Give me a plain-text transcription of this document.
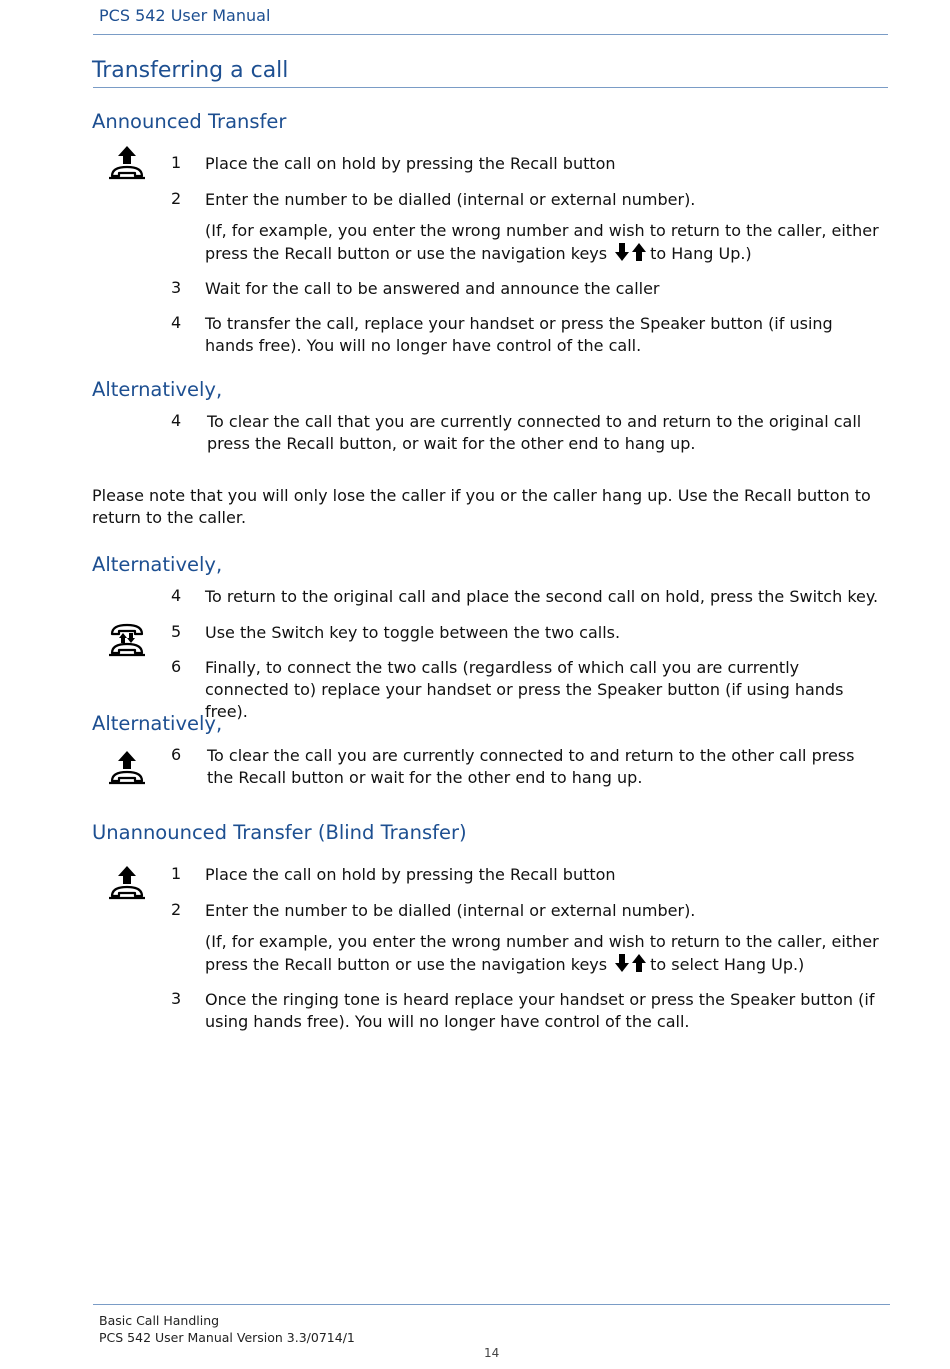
PCS 542 User Manual
Transferring a call
Announced Transfer
1 Place the call on hold by pressing the Recall button
2 Enter the number to be dialled (internal or external number).
(If, for example, you enter the wrong number and wish to return to the caller, either press the Recall button or use the navigation keys	to Hang Up.)
3 Wait for the call to be answered and announce the caller
4 To transfer the call, replace your handset or press the Speaker button (if using hands free). You will no longer have control of the call.
Alternatively,
4 To clear the call that you are currently connected to and return to the original call press the Recall button, or wait for the other end to hang up.
Please note that you will only lose the caller if you or the caller hang up. Use the Recall button to return to the caller.
Alternatively,
4 To return to the original call and place the second call on hold, press the Switch key.
5 Use the Switch key to toggle between the two calls.
6 Finally, to connect the two calls (regardless of which call you are currently connected to) replace your handset or press the Speaker button (if using hands free).
Alternatively,
6 To clear the call you are currently connected to and return to the other call press the Recall button or wait for the other end to hang up.
Unannounced Transfer (Blind Transfer)
1 Place the call on hold by pressing the Recall button
2 Enter the number to be dialled (internal or external number).
(If, for example, you enter the wrong number and wish to return to the caller, either press the Recall button or use the navigation keys	to select Hang Up.)
3 Once the ringing tone is heard replace your handset or press the Speaker button (if using hands free). You will no longer have control of the call.
Basic Call Handling
PCS 542 User Manual Version 3.3/0714/1
14
